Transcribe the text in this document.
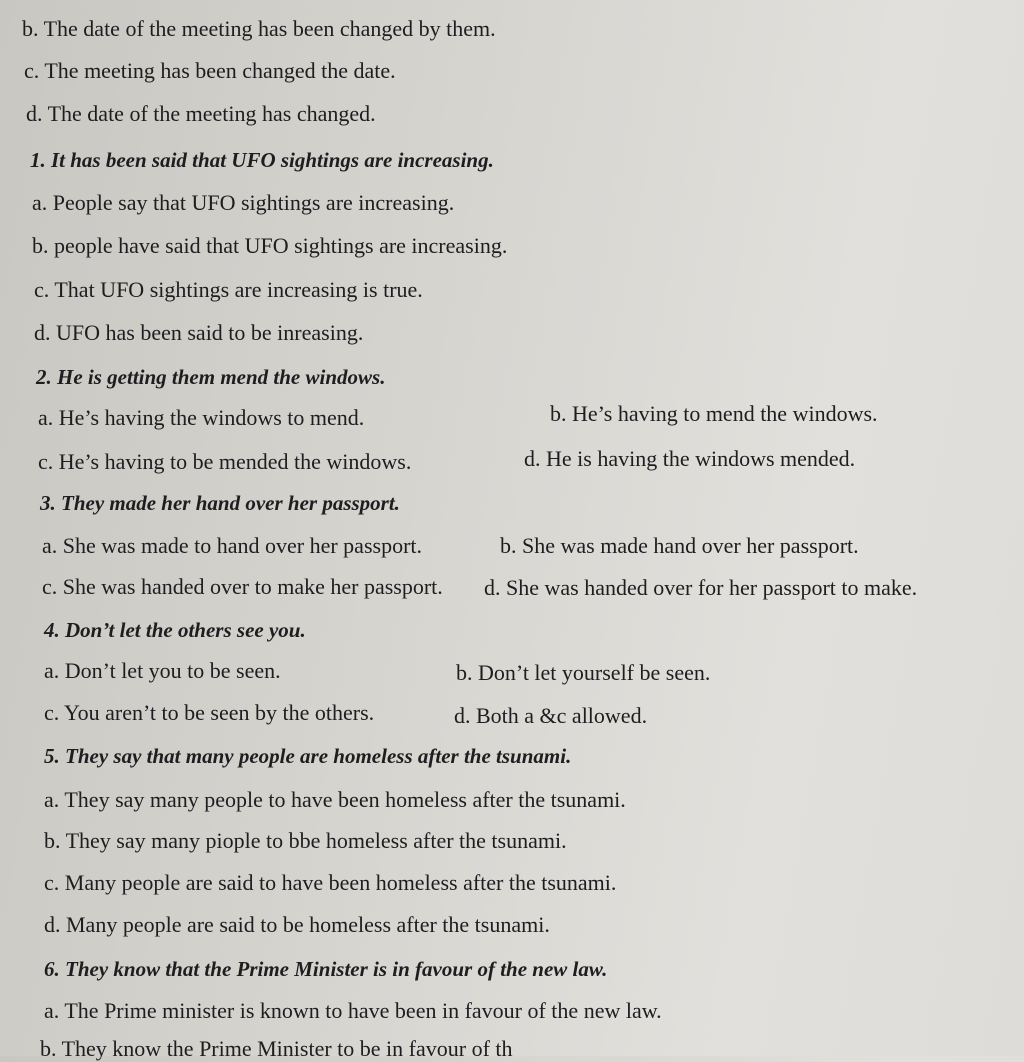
b. The date of the meeting has been changed by them.
c. The meeting has been changed the date.
d. The date of the meeting has changed.
1. It has been said that UFO sightings are increasing.
a. People say that UFO sightings are increasing.
b. people have said that UFO sightings are increasing.
c. That UFO sightings are increasing is true.
d. UFO has been said to be inreasing.
2. He is getting them mend the windows.
a. He’s having the windows to mend.	b. He’s having to mend the windows.
c. He’s having to be mended the windows.	d. He is having the windows mended.
3. They made her hand over her passport.
a. She was made to hand over her passport.	b. She was made hand over her passport.
c. She was handed over to make her passport. d. She was handed over for her passport to make.
4. Don’t let the others see you.
a. Don’t let you to be seen.	b. Don’t let yourself be seen.
c. You aren’t to be seen by the others.	d. Both a &c allowed.
5. They say that many people are homeless after the tsunami.
a. They say many people to have been homeless after the tsunami.
b. They say many piople to bbe homeless after the tsunami.
c. Many people are said to have been homeless after the tsunami.
d. Many people are said to be homeless after the tsunami.
6. They know that the Prime Minister is in favour of the new law.
a. The Prime minister is known to have been in favour of the new law.
b. They know the Prime Minister to be in favour of th
